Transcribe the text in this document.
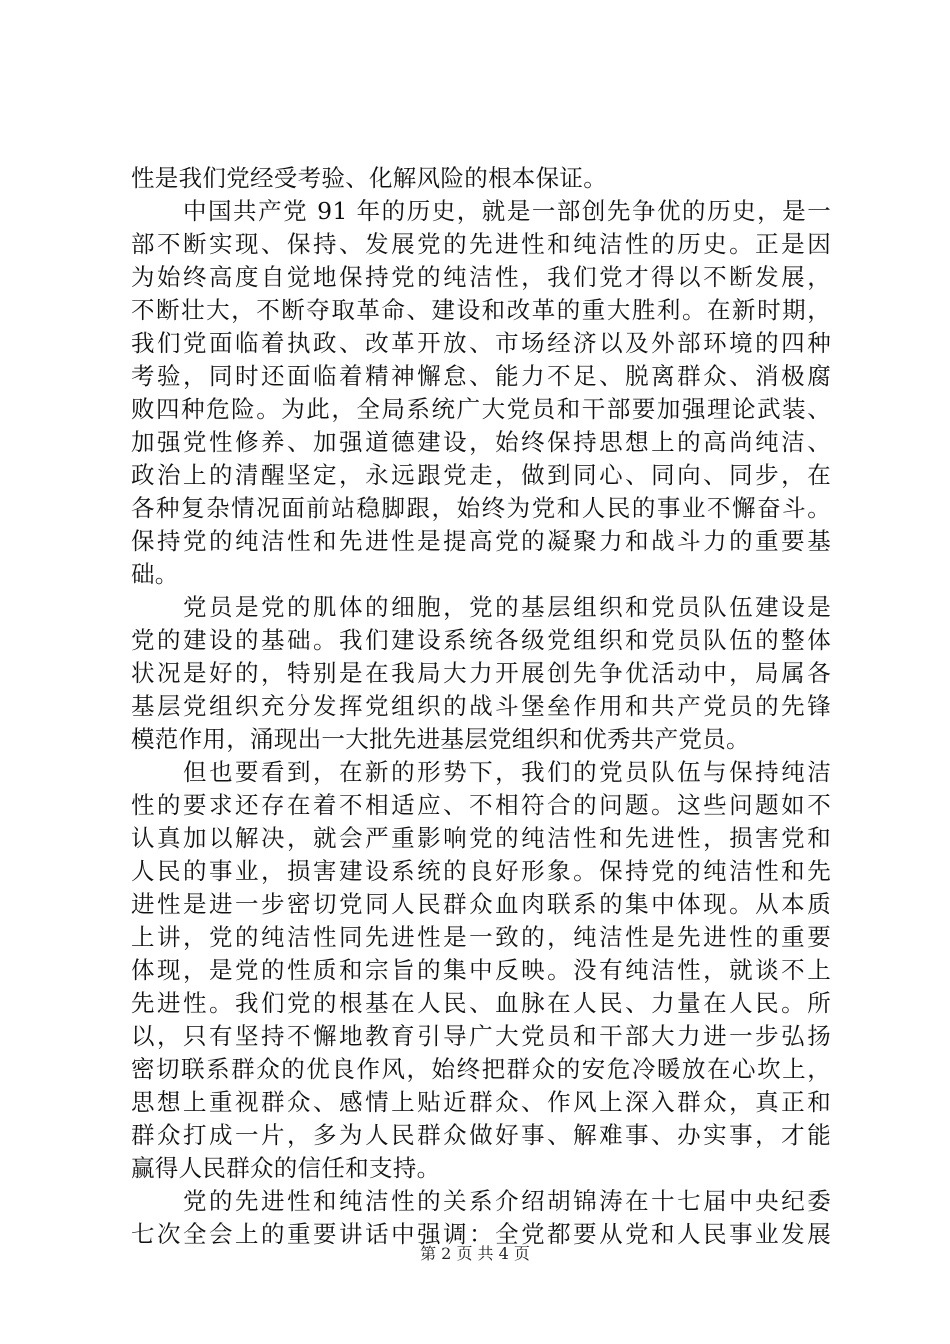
性是我们党经受考验、化解风险的根本保证。
中国共产党 91 年的历史，就是一部创先争优的历史，是一
部不断实现、保持、发展党的先进性和纯洁性的历史。正是因
为始终高度自觉地保持党的纯洁性，我们党才得以不断发展，
不断壮大，不断夺取革命、建设和改革的重大胜利。在新时期，
我们党面临着执政、改革开放、市场经济以及外部环境的四种
考验，同时还面临着精神懈怠、能力不足、脱离群众、消极腐
败四种危险。为此，全局系统广大党员和干部要加强理论武装、
加强党性修养、加强道德建设，始终保持思想上的高尚纯洁、
政治上的清醒坚定，永远跟党走，做到同心、同向、同步，在
各种复杂情况面前站稳脚跟，始终为党和人民的事业不懈奋斗。
保持党的纯洁性和先进性是提高党的凝聚力和战斗力的重要基
础。
党员是党的肌体的细胞，党的基层组织和党员队伍建设是
党的建设的基础。我们建设系统各级党组织和党员队伍的整体
状况是好的，特别是在我局大力开展创先争优活动中，局属各
基层党组织充分发挥党组织的战斗堡垒作用和共产党员的先锋
模范作用，涌现出一大批先进基层党组织和优秀共产党员。
但也要看到，在新的形势下，我们的党员队伍与保持纯洁
性的要求还存在着不相适应、不相符合的问题。这些问题如不
认真加以解决，就会严重影响党的纯洁性和先进性，损害党和
人民的事业，损害建设系统的良好形象。保持党的纯洁性和先
进性是进一步密切党同人民群众血肉联系的集中体现。从本质
上讲，党的纯洁性同先进性是一致的，纯洁性是先进性的重要
体现，是党的性质和宗旨的集中反映。没有纯洁性，就谈不上
先进性。我们党的根基在人民、血脉在人民、力量在人民。所
以，只有坚持不懈地教育引导广大党员和干部大力进一步弘扬
密切联系群众的优良作风，始终把群众的安危冷暖放在心坎上，
思想上重视群众、感情上贴近群众、作风上深入群众，真正和
群众打成一片，多为人民群众做好事、解难事、办实事，才能
赢得人民群众的信任和支持。
党的先进性和纯洁性的关系介绍胡锦涛在十七届中央纪委
七次全会上的重要讲话中强调：全党都要从党和人民事业发展
第 2 页 共 4 页
